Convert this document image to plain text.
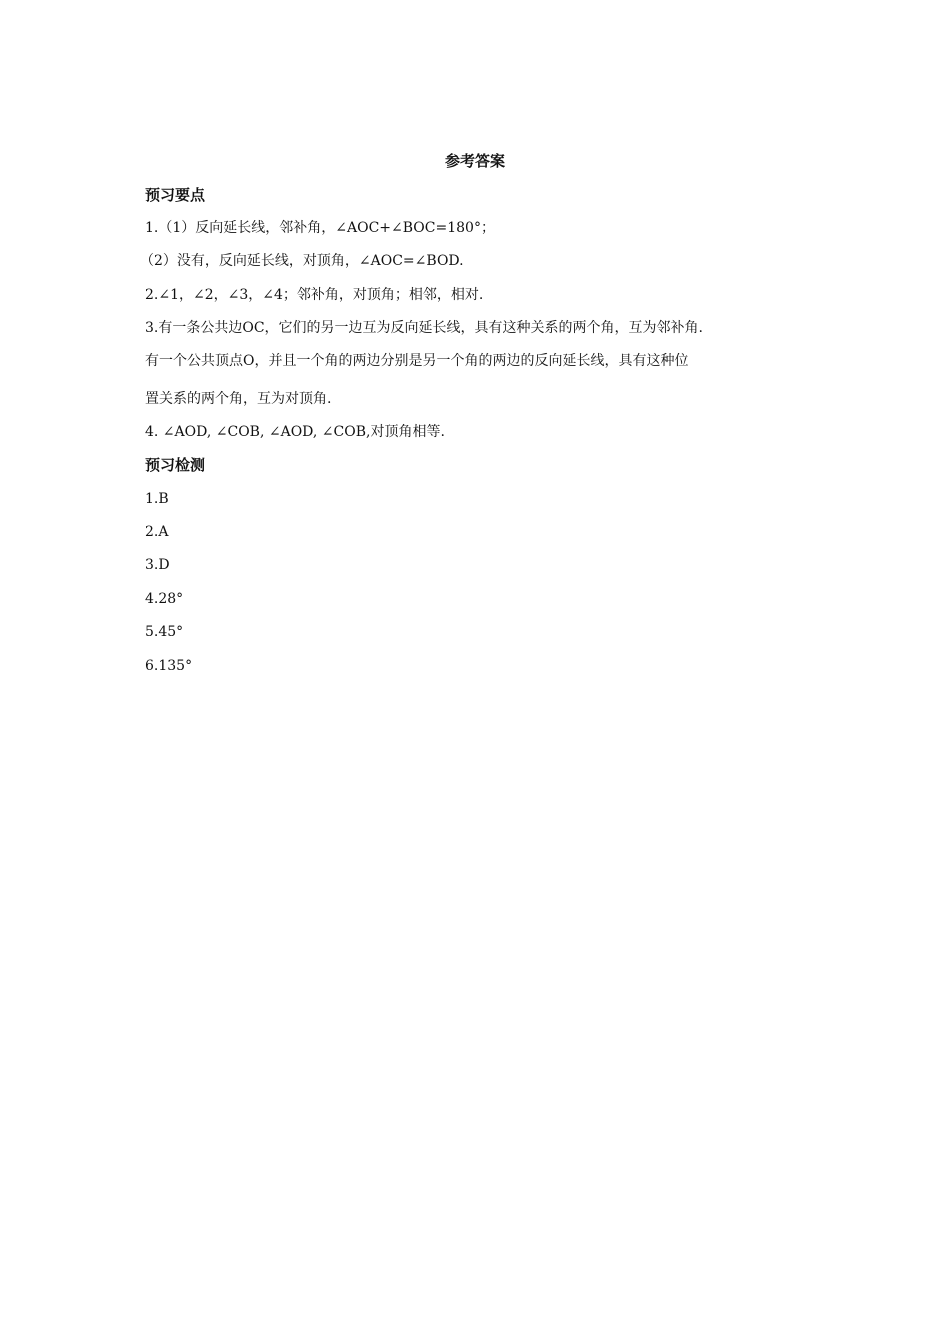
参考答案
预习要点
1.（1）反向延长线，邻补角，∠AOC+∠BOC=180°；
（2）没有，反向延长线，对顶角，∠AOC=∠BOD.
2.∠1，∠2，∠3，∠4；邻补角，对顶角；相邻，相对.
3.有一条公共边OC，它们的另一边互为反向延长线，具有这种关系的两个角，互为邻补角.
有一个公共顶点O，并且一个角的两边分别是另一个角的两边的反向延长线，具有这种位
置关系的两个角，互为对顶角.
4. ∠AOD, ∠COB, ∠AOD, ∠COB,对顶角相等.
预习检测
1.B
2.A
3.D
4.28°
5.45°
6.135°
